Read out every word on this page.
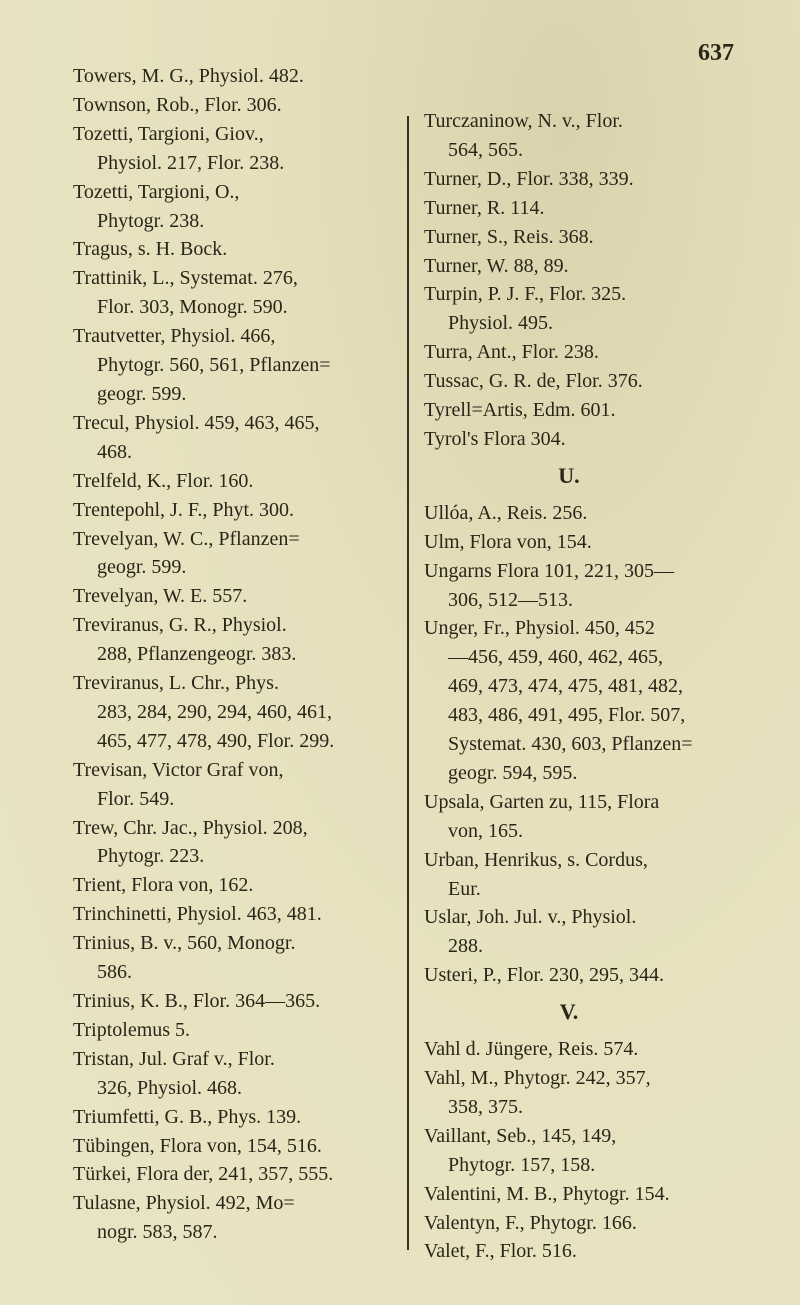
637
Towers, M. G., Physiol. 482.
Townson, Rob., Flor. 306.
Tozetti, Targioni, Giov.,
Physiol. 217, Flor. 238.
Tozetti, Targioni, O.,
Phytogr. 238.
Tragus, s. H. Bock.
Trattinik, L., Systemat. 276,
Flor. 303, Monogr. 590.
Trautvetter, Physiol. 466,
Phytogr. 560, 561, Pflanzen=
geogr. 599.
Trecul, Physiol. 459, 463, 465,
468.
Trelfeld, K., Flor. 160.
Trentepohl, J. F., Phyt. 300.
Trevelyan, W. C., Pflanzen=
geogr. 599.
Trevelyan, W. E. 557.
Treviranus, G. R., Physiol.
288, Pflanzengeogr. 383.
Treviranus, L. Chr., Phys.
283, 284, 290, 294, 460, 461,
465, 477, 478, 490, Flor. 299.
Trevisan, Victor Graf von,
Flor. 549.
Trew, Chr. Jac., Physiol. 208,
Phytogr. 223.
Trient, Flora von, 162.
Trinchinetti, Physiol. 463, 481.
Trinius, B. v., 560, Monogr.
586.
Trinius, K. B., Flor. 364—365.
Triptolemus 5.
Tristan, Jul. Graf v., Flor.
326, Physiol. 468.
Triumfetti, G. B., Phys. 139.
Tübingen, Flora von, 154, 516.
Türkei, Flora der, 241, 357, 555.
Tulasne, Physiol. 492, Mo=
nogr. 583, 587.
Turczaninow, N. v., Flor.
564, 565.
Turner, D., Flor. 338, 339.
Turner, R. 114.
Turner, S., Reis. 368.
Turner, W. 88, 89.
Turpin, P. J. F., Flor. 325.
Physiol. 495.
Turra, Ant., Flor. 238.
Tussac, G. R. de, Flor. 376.
Tyrell=Artis, Edm. 601.
Tyrol's Flora 304.
U.
Ullóa, A., Reis. 256.
Ulm, Flora von, 154.
Ungarns Flora 101, 221, 305—
306, 512—513.
Unger, Fr., Physiol. 450, 452
—456, 459, 460, 462, 465,
469, 473, 474, 475, 481, 482,
483, 486, 491, 495, Flor. 507,
Systemat. 430, 603, Pflanzen=
geogr. 594, 595.
Upsala, Garten zu, 115, Flora
von, 165.
Urban, Henrikus, s. Cordus,
Eur.
Uslar, Joh. Jul. v., Physiol.
288.
Usteri, P., Flor. 230, 295, 344.
V.
Vahl d. Jüngere, Reis. 574.
Vahl, M., Phytogr. 242, 357,
358, 375.
Vaillant, Seb., 145, 149,
Phytogr. 157, 158.
Valentini, M. B., Phytogr. 154.
Valentyn, F., Phytogr. 166.
Valet, F., Flor. 516.
